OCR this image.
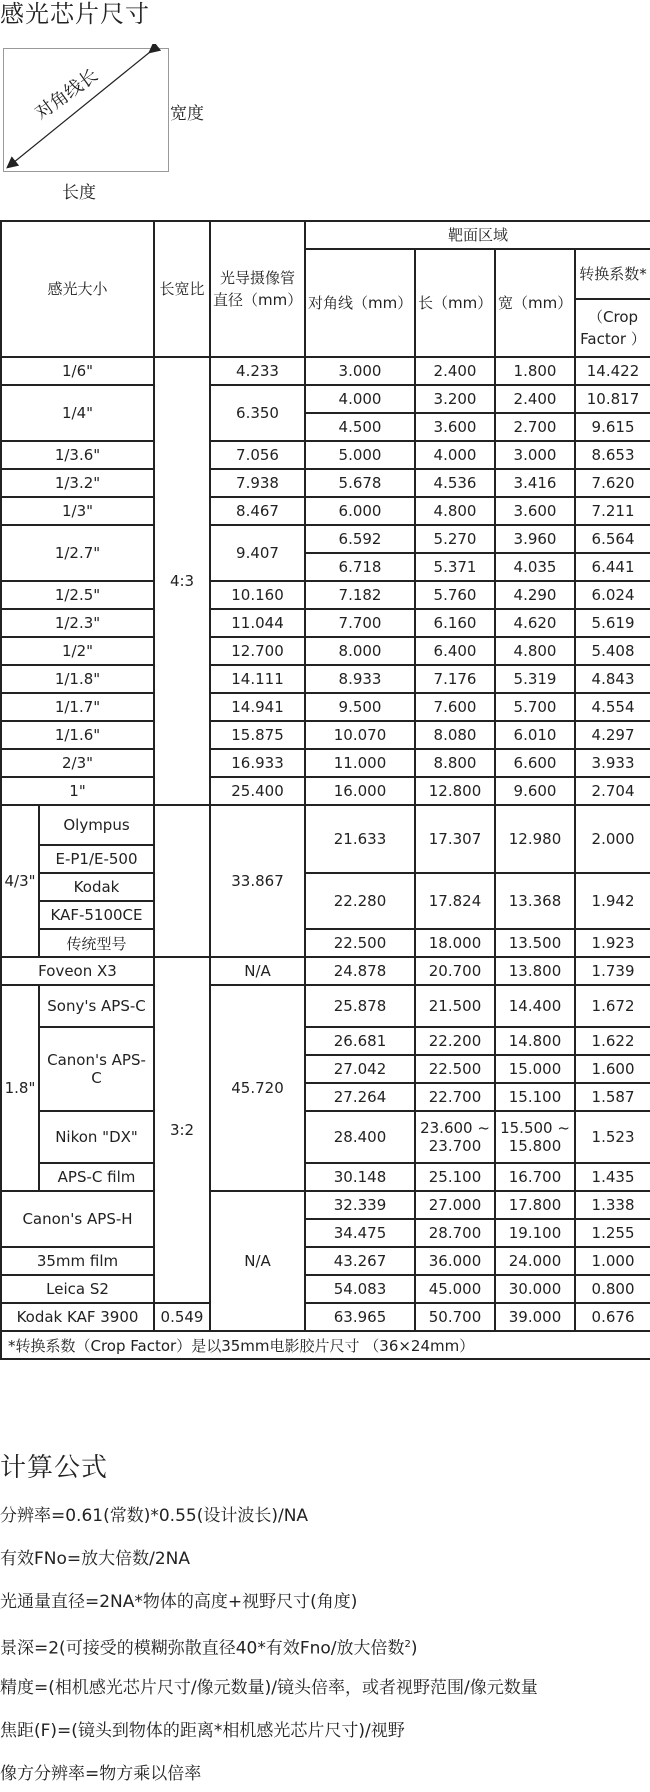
感光芯片尺寸
对角线长	宽度
长度
感光大小		长宽比	光导摄像管直径（mm）	靶面区域			
				对角线（mm）	长（mm）	宽（mm）	转换系数*
							（Crop Factor ）
1/6"		4:3	4.233	3.000	2.400	1.800	14.422
1/4"			6.350	4.000	3.200	2.400	10.817
				4.500	3.600	2.700	9.615
1/3.6"			7.056	5.000	4.000	3.000	8.653
1/3.2"			7.938	5.678	4.536	3.416	7.620
1/3"			8.467	6.000	4.800	3.600	7.211
1/2.7"			9.407	6.592	5.270	3.960	6.564
				6.718	5.371	4.035	6.441
1/2.5"			10.160	7.182	5.760	4.290	6.024
1/2.3"			11.044	7.700	6.160	4.620	5.619
1/2"			12.700	8.000	6.400	4.800	5.408
1/1.8"			14.111	8.933	7.176	5.319	4.843
1/1.7"			14.941	9.500	7.600	5.700	4.554
1/1.6"			15.875	10.070	8.080	6.010	4.297
2/3"			16.933	11.000	8.800	6.600	3.933
1"			25.400	16.000	12.800	9.600	2.704
4/3"	Olympus		33.867	21.633	17.307	12.980	2.000
	E-P1/E-500						
	Kodak			22.280	17.824	13.368	1.942
	KAF-5100CE						
	传统型号			22.500	18.000	13.500	1.923
Foveon X3		3:2	N/A	24.878	20.700	13.800	1.739
1.8"	Sony's APS-C		45.720	25.878	21.500	14.400	1.672
	Canon's APS-C			26.681	22.200	14.800	1.622
				27.042	22.500	15.000	1.600
				27.264	22.700	15.100	1.587
	Nikon "DX"			28.400	23.600 ~ 23.700	15.500 ~ 15.800	1.523

	APS-C film			30.148	25.100	16.700	1.435
Canon's APS-H			N/A	32.339	27.000	17.800	1.338
				34.475	28.700	19.100	1.255
35mm film				43.267	36.000	24.000	1.000
Leica S2				54.083	45.000	30.000	0.800
Kodak KAF 3900		0.549		63.965	50.700	39.000	0.676
*转换系数（Crop Factor）是以35mm电影胶片尺寸 （36×24mm）							
计算公式
分辨率=0.61(常数)*0.55(设计波长)/NA
有效FNo=放大倍数/2NA
光通量直径=2NA*物体的高度+视野尺寸(角度)
景深=2(可接受的模糊弥散直径40*有效Fno/放大倍数$^2$)
精度=(相机感光芯片尺寸/像元数量)/镜头倍率，或者视野范围/像元数量
焦距(F)=(镜头到物体的距离*相机感光芯片尺寸)/视野
像方分辨率=物方乘以倍率
